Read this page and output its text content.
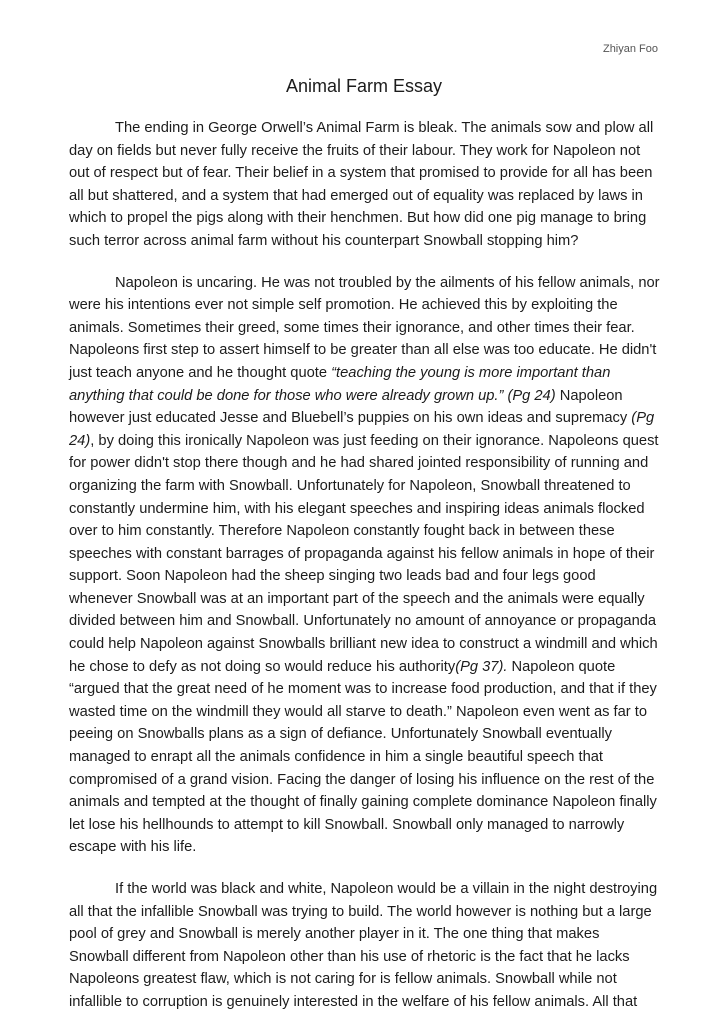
Zhiyan Foo

Animal Farm Essay

The ending in George Orwell’s Animal Farm is bleak. The animals sow and plow all day on fields but never fully receive the fruits of their labour. They work for Napoleon not out of respect but of fear. Their belief in a system that promised to provide for all has been all but shattered, and a system that had emerged out of equality was replaced by laws in which to propel the pigs along with their henchmen. But how did one pig manage to bring such terror across animal farm without his counterpart Snowball stopping him?

Napoleon is uncaring. He was not troubled by the ailments of his fellow animals, nor were his intentions ever not simple self promotion. He achieved this by exploiting the animals. Sometimes their greed, some times their ignorance, and other times their fear. Napoleons first step to assert himself to be greater than all else was too educate. He didn't just teach anyone and he thought quote “teaching the young is more important than anything that could be done for those who were already grown up.” (Pg 24) Napoleon however just educated Jesse and Bluebell’s puppies on his own ideas and supremacy (Pg 24), by doing this ironically Napoleon was just feeding on their ignorance. Napoleons quest for power didn't stop there though and he had shared jointed responsibility of running and organizing the farm with Snowball. Unfortunately for Napoleon, Snowball threatened to constantly undermine him, with his elegant speeches and inspiring ideas animals flocked over to him constantly. Therefore Napoleon constantly fought back in between these speeches with constant barrages of propaganda against his fellow animals in hope of their support. Soon Napoleon had the sheep singing two leads bad and four legs good whenever Snowball was at an important part of the speech and the animals were equally divided between him and Snowball. Unfortunately no amount of annoyance or propaganda could help Napoleon against Snowballs brilliant new idea to construct a windmill and which he chose to defy as not doing so would reduce his authority(Pg 37). Napoleon quote “argued that the great need of he moment was to increase food production, and that if they wasted time on the windmill they would all starve to death.” Napoleon even went as far to peeing on Snowballs plans as a sign of defiance. Unfortunately Snowball eventually managed to enrapt all the animals confidence in him a single beautiful speech that compromised of a grand vision. Facing the danger of losing his influence on the rest of the animals and tempted at the thought of finally gaining complete dominance Napoleon finally let lose his hellhounds to attempt to kill Snowball. Snowball only managed to narrowly escape with his life.

If the world was black and white, Napoleon would be a villain in the night destroying all that the infallible Snowball was trying to build. The world however is nothing but a large pool of grey and Snowball is merely another player in it. The one thing that makes Snowball different from Napoleon other than his use of rhetoric is the fact that he lacks Napoleons greatest flaw, which is not caring for is fellow animals. Snowball while not infallible to corruption is genuinely interested in the welfare of his fellow animals. All that
